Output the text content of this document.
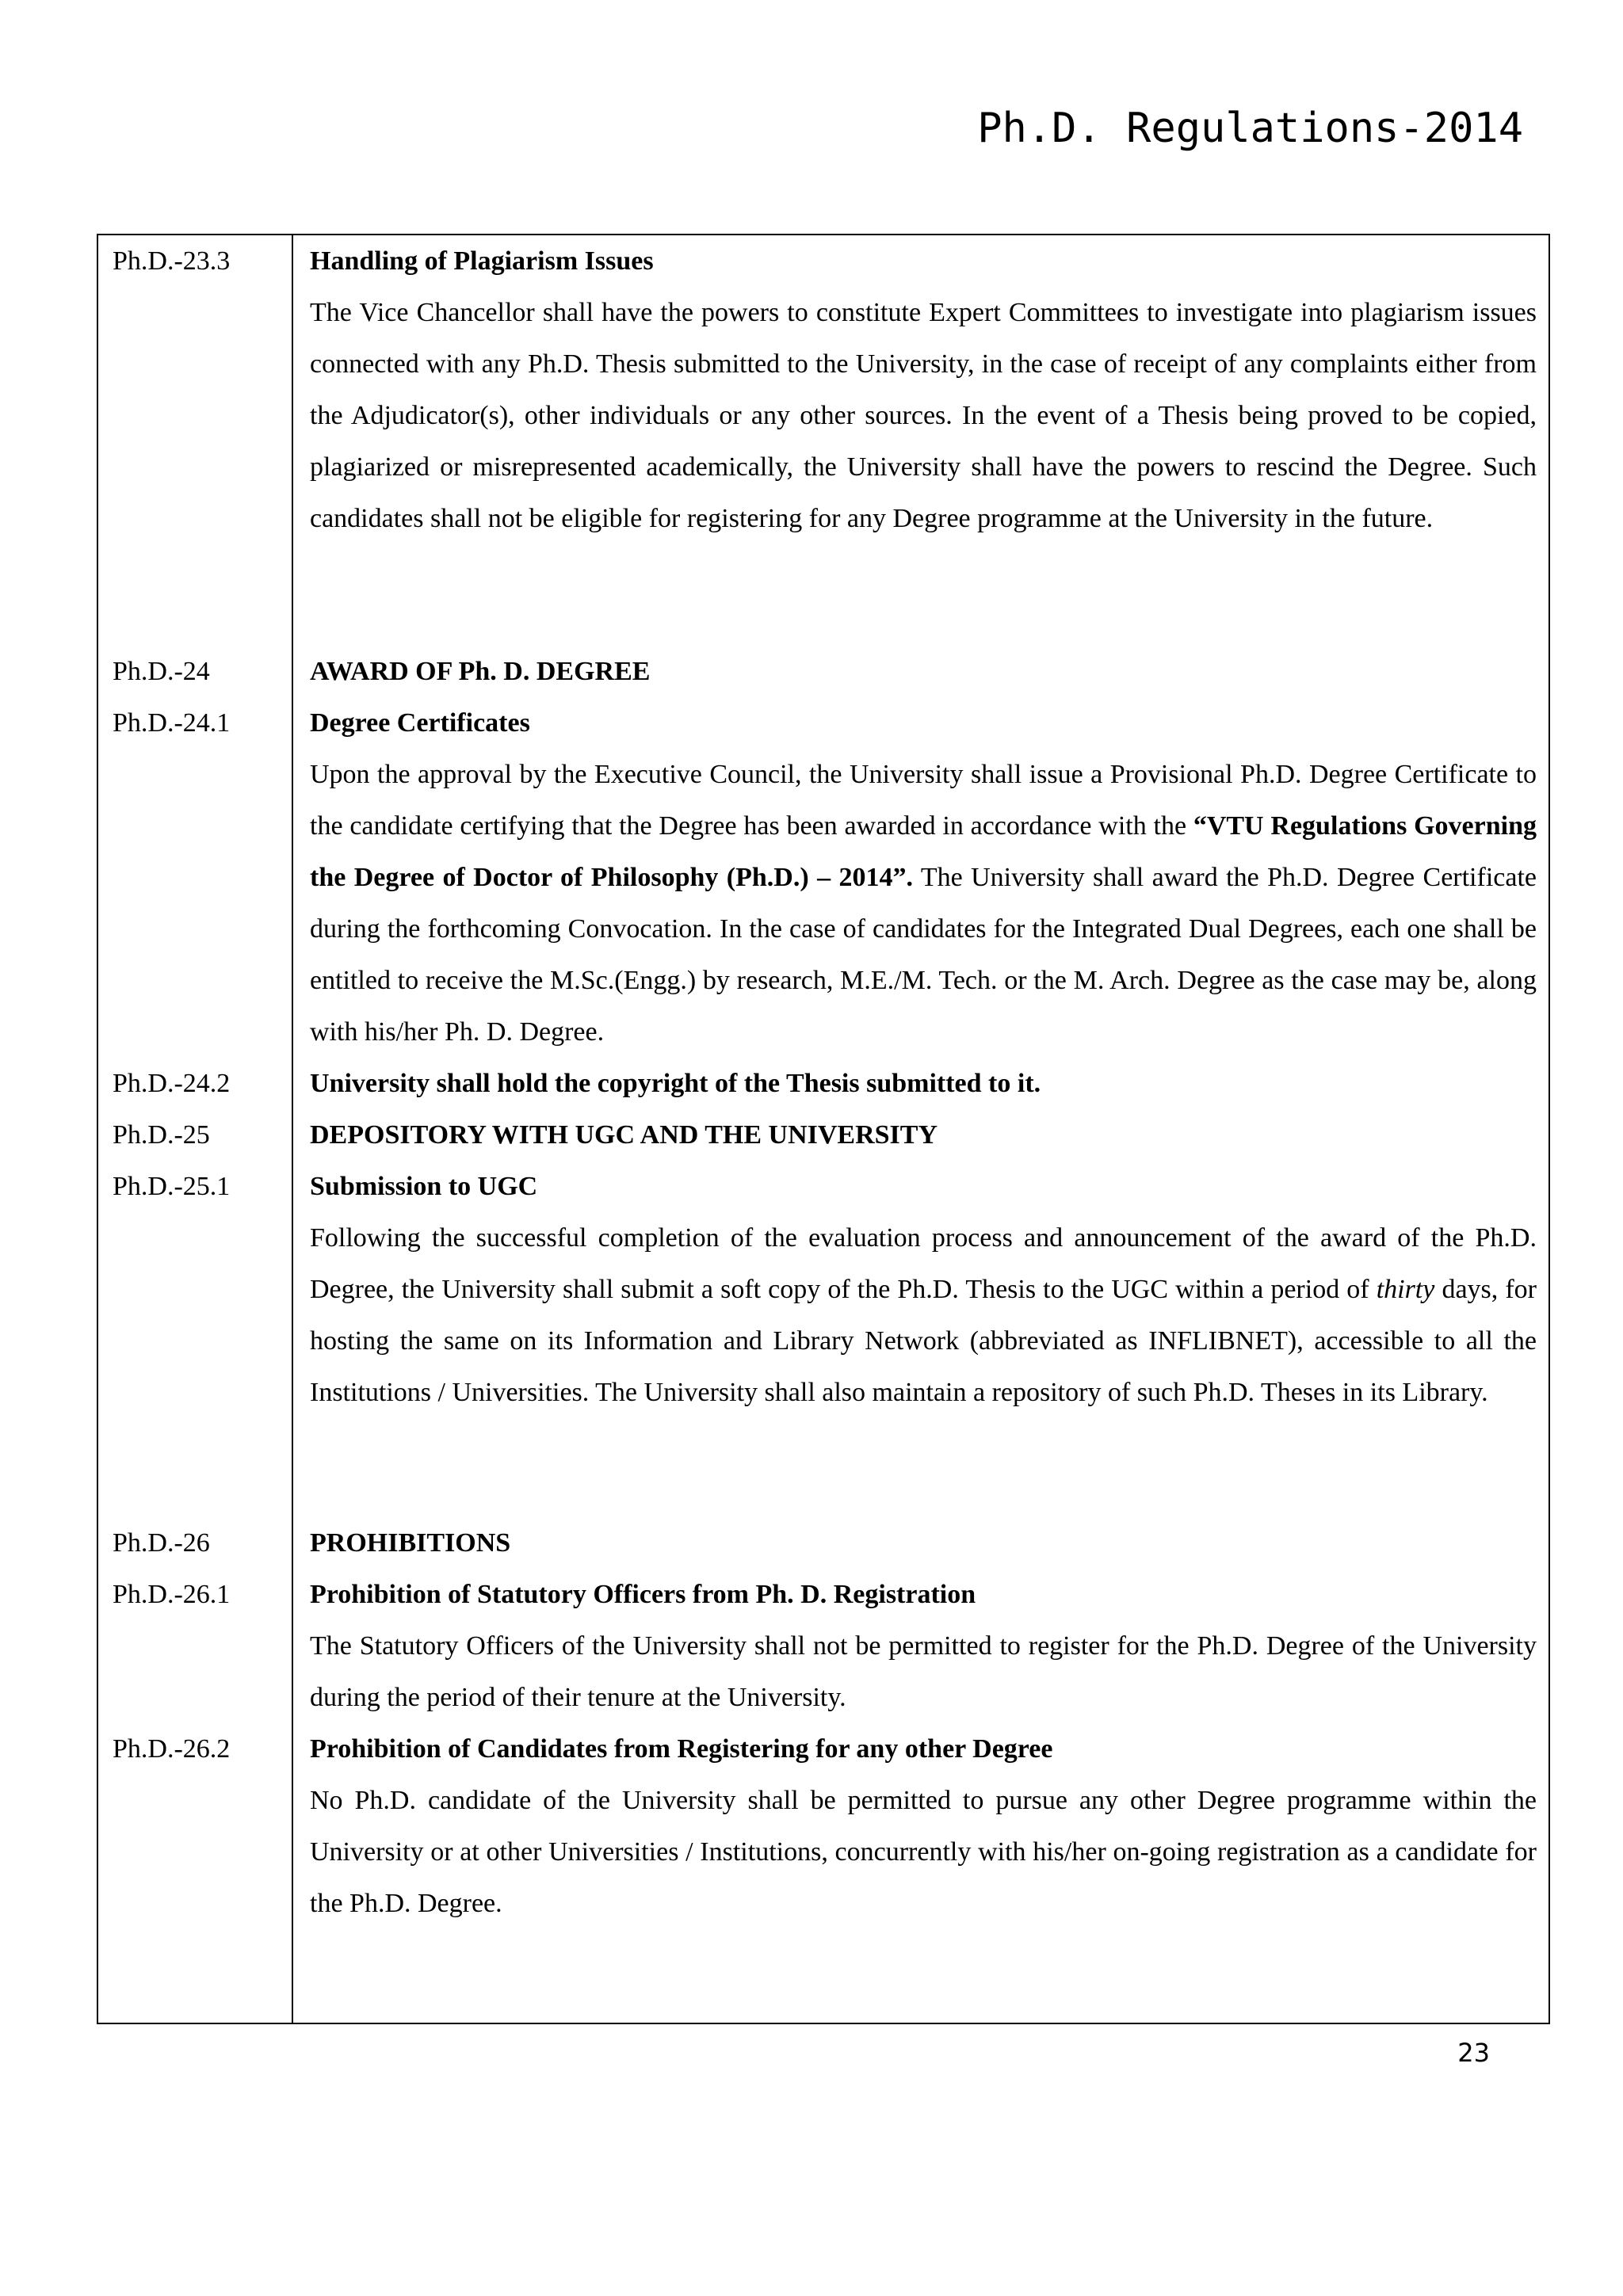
Ph.D. Regulations-2014
Ph.D.-23.3	Handling of Plagiarism Issues
The Vice Chancellor shall have the powers to constitute Expert Committees to investigate into plagiarism issues connected with any Ph.D. Thesis submitted to the University, in the case of receipt of any complaints either from the Adjudicator(s), other individuals or any other sources. In the event of a Thesis being proved to be copied, plagiarized or misrepresented academically, the University shall have the powers to rescind the Degree. Such candidates shall not be eligible for registering for any Degree programme at the University in the future.
Ph.D.-24	AWARD OF Ph. D. DEGREE
Ph.D.-24.1	Degree Certificates
Upon the approval by the Executive Council, the University shall issue a Provisional Ph.D. Degree Certificate to the candidate certifying that the Degree has been awarded in accordance with the “VTU Regulations Governing the Degree of Doctor of Philosophy (Ph.D.) – 2014”. The University shall award the Ph.D. Degree Certificate during the forthcoming Convocation. In the case of candidates for the Integrated Dual Degrees, each one shall be entitled to receive the M.Sc.(Engg.) by research, M.E./M. Tech. or the M. Arch. Degree as the case may be, along with his/her Ph. D. Degree.
Ph.D.-24.2	University shall hold the copyright of the Thesis submitted to it.
Ph.D.-25	DEPOSITORY WITH UGC AND THE UNIVERSITY
Ph.D.-25.1	Submission to UGC
Following the successful completion of the evaluation process and announcement of the award of the Ph.D. Degree, the University shall submit a soft copy of the Ph.D. Thesis to the UGC within a period of thirty days, for hosting the same on its Information and Library Network (abbreviated as INFLIBNET), accessible to all the Institutions / Universities. The University shall also maintain a repository of such Ph.D. Theses in its Library.
Ph.D.-26	PROHIBITIONS
Ph.D.-26.1	Prohibition of Statutory Officers from Ph. D. Registration
The Statutory Officers of the University shall not be permitted to register for the Ph.D. Degree of the University during the period of their tenure at the University.
Ph.D.-26.2	Prohibition of Candidates from Registering for any other Degree
No Ph.D. candidate of the University shall be permitted to pursue any other Degree programme within the University or at other Universities / Institutions, concurrently with his/her on-going registration as a candidate for the Ph.D. Degree.
23
